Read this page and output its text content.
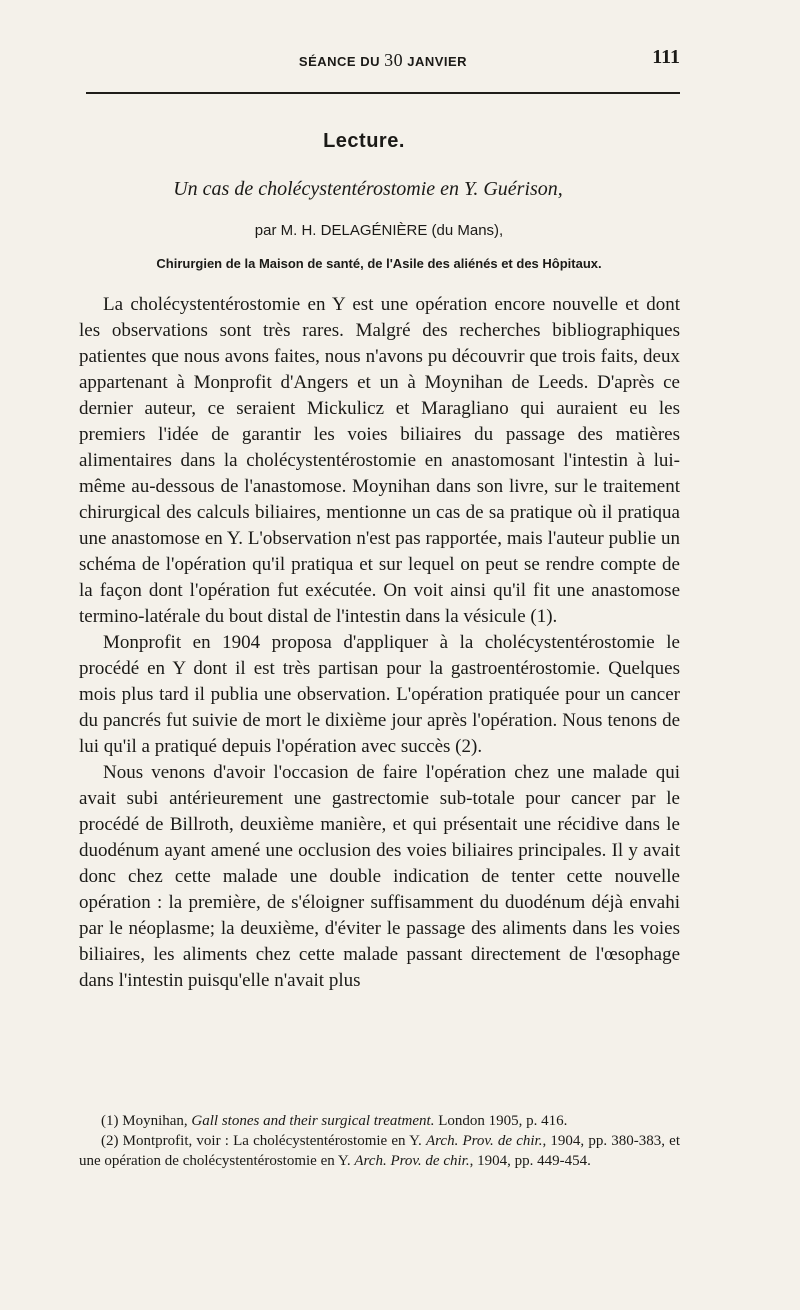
SÉANCE DU 30 JANVIER	111
Lecture.
Un cas de cholécystentérostomie en Y. Guérison,
par M. H. DELAGÉNIÈRE (du Mans),
Chirurgien de la Maison de santé, de l'Asile des aliénés et des Hôpitaux.

La cholécystentérostomie en Y est une opération encore nouvelle et dont les observations sont très rares. Malgré des recherches bibliographiques patientes que nous avons faites, nous n'avons pu découvrir que trois faits, deux appartenant à Monprofit d'Angers et un à Moynihan de Leeds. D'après ce dernier auteur, ce seraient Mickulicz et Maragliano qui auraient eu les premiers l'idée de garantir les voies biliaires du passage des matières alimentaires dans la cholécystentérostomie en anastomosant l'intestin à lui-même au-dessous de l'anastomose. Moynihan dans son livre, sur le traitement chirurgical des calculs biliaires, mentionne un cas de sa pratique où il pratiqua une anastomose en Y. L'observation n'est pas rapportée, mais l'auteur publie un schéma de l'opération qu'il pratiqua et sur lequel on peut se rendre compte de la façon dont l'opération fut exécutée. On voit ainsi qu'il fit une anastomose termino-latérale du bout distal de l'intestin dans la vésicule (1).

Monprofit en 1904 proposa d'appliquer à la cholécystentérostomie le procédé en Y dont il est très partisan pour la gastroentérostomie. Quelques mois plus tard il publia une observation. L'opération pratiquée pour un cancer du pancrés fut suivie de mort le dixième jour après l'opération. Nous tenons de lui qu'il a pratiqué depuis l'opération avec succès (2).

Nous venons d'avoir l'occasion de faire l'opération chez une malade qui avait subi antérieurement une gastrectomie sub-totale pour cancer par le procédé de Billroth, deuxième manière, et qui présentait une récidive dans le duodénum ayant amené une occlusion des voies biliaires principales. Il y avait donc chez cette malade une double indication de tenter cette nouvelle opération : la première, de s'éloigner suffisamment du duodénum déjà envahi par le néoplasme; la deuxième, d'éviter le passage des aliments dans les voies biliaires, les aliments chez cette malade passant directement de l'œsophage dans l'intestin puisqu'elle n'avait plus

(1) Moynihan, Gall stones and their surgical treatment. London 1905, p. 416.

(2) Montprofit, voir : La cholécystentérostomie en Y. Arch. Prov. de chir., 1904, pp. 380-383, et une opération de cholécystentérostomie en Y. Arch. Prov. de chir., 1904, pp. 449-454.
